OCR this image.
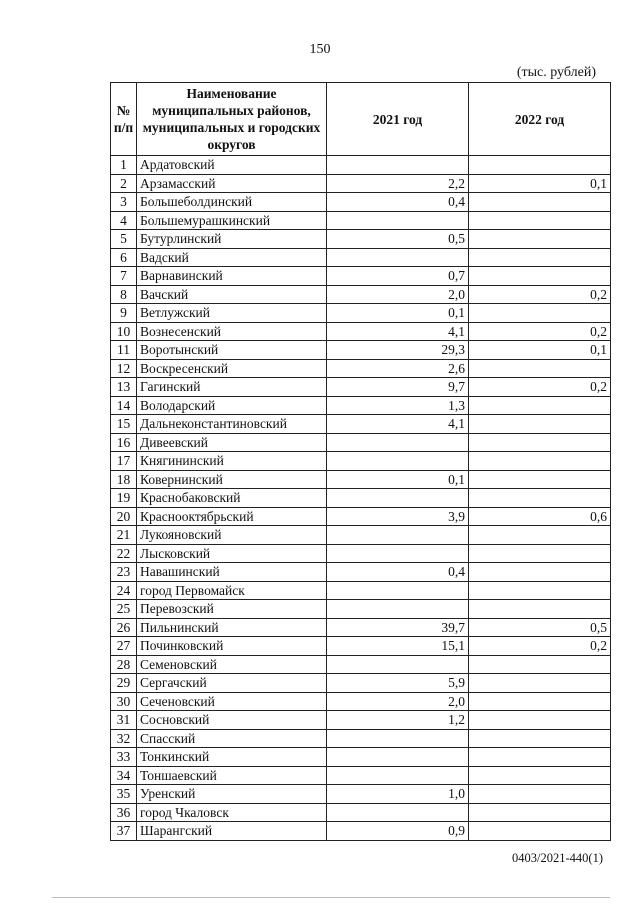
150
(тыс. рублей)
№ п/п	Наименование муниципальных районов, муниципальных и городских округов	2021 год	2022 год
1	Ардатовский		
2	Арзамасский	2,2	0,1
3	Большеболдинский	0,4	
4	Большемурашкинский		
5	Бутурлинский	0,5	
6	Вадский		
7	Варнавинский	0,7	
8	Вачский	2,0	0,2
9	Ветлужский	0,1	
10	Вознесенский	4,1	0,2
11	Воротынский	29,3	0,1
12	Воскресенский	2,6	
13	Гагинский	9,7	0,2
14	Володарский	1,3	
15	Дальнеконстантиновский	4,1	
16	Дивеевский		
17	Княгининский		
18	Ковернинский	0,1	
19	Краснобаковский		
20	Краснооктябрьский	3,9	0,6
21	Лукояновский		
22	Лысковский		
23	Навашинский	0,4	
24	город Первомайск		
25	Перевозский		
26	Пильнинский	39,7	0,5
27	Починковский	15,1	0,2
28	Семеновский		
29	Сергачский	5,9	
30	Сеченовский	2,0	
31	Сосновский	1,2	
32	Спасский		
33	Тонкинский		
34	Тоншаевский		
35	Уренский	1,0	
36	город Чкаловск		
37	Шарангский	0,9	
0403/2021-440(1)
